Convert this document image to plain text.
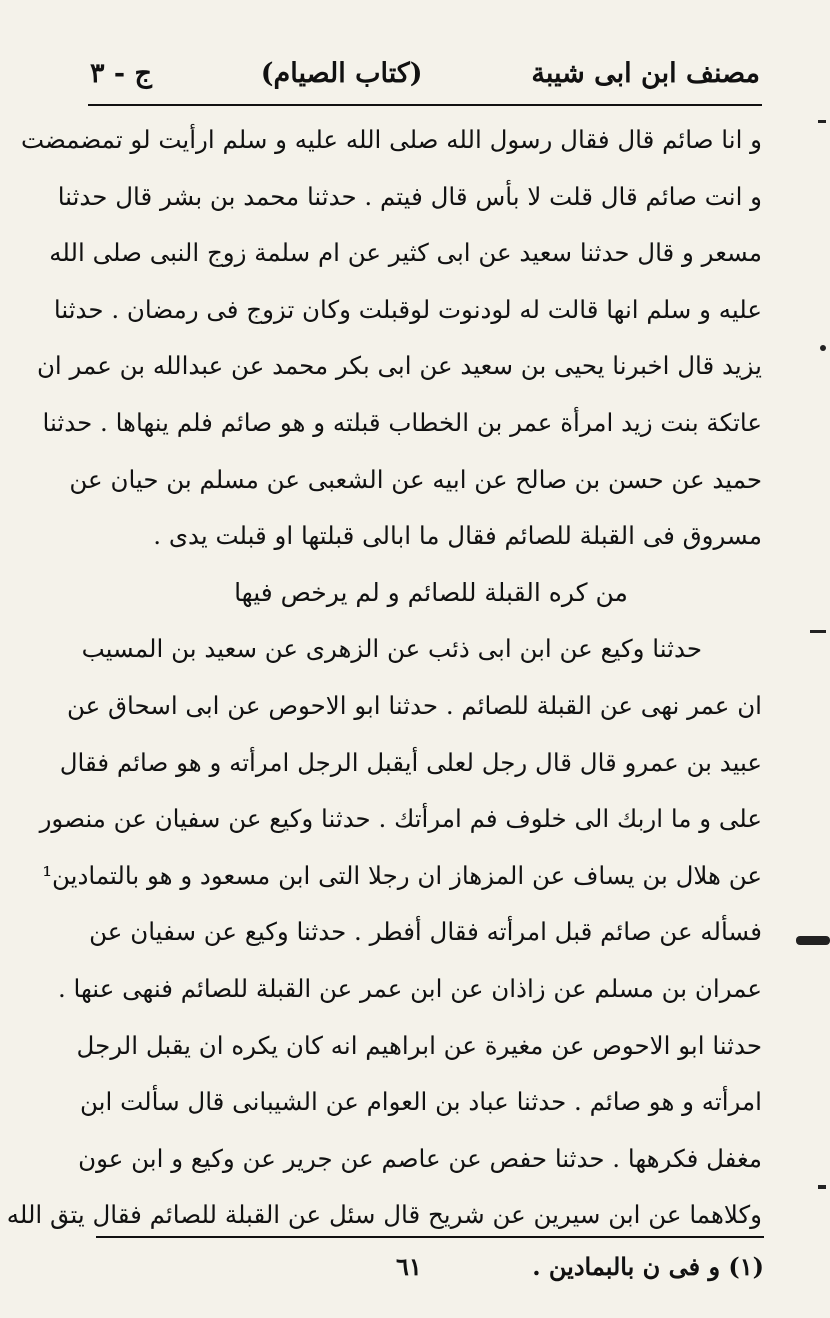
مصنف ابن ابى شيبة
(كتاب الصيام)
ج - ٣
و انا صائم قال فقال رسول الله صلى الله عليه و سلم ارأيت لو تمضمضت
و انت صائم قال قلت لا بأس قال فيتم . حدثنا محمد بن بشر قال حدثنا
مسعر و قال حدثنا سعيد عن ابى كثير عن ام سلمة زوج النبى صلى الله
عليه و سلم انها قالت له لودنوت لوقبلت وكان تزوج فى رمضان . حدثنا
يزيد قال اخبرنا يحيى بن سعيد عن ابى بكر محمد عن عبدالله بن عمر ان
عاتكة بنت زيد امرأة عمر بن الخطاب قبلته و هو صائم فلم ينهاها . حدثنا
حميد عن حسن بن صالح عن ابيه عن الشعبى عن مسلم بن حيان عن
مسروق فى القبلة للصائم فقال ما ابالى قبلتها او قبلت يدى .
من كره القبلة للصائم و لم يرخص فيها
حدثنا وكيع عن ابن ابى ذئب عن الزهرى عن سعيد بن المسيب
ان عمر نهى عن القبلة للصائم . حدثنا ابو الاحوص عن ابى اسحاق عن
عبيد بن عمرو قال قال رجل لعلى أيقبل الرجل امرأته و هو صائم فقال
على و ما اربك الى خلوف فم امرأتك . حدثنا وكيع عن سفيان عن منصور
عن هلال بن يساف عن المزهاز ان رجلا التى ابن مسعود و هو بالتمادين¹
فسأله عن صائم قبل امرأته فقال أفطر . حدثنا وكيع عن سفيان عن
عمران بن مسلم عن زاذان عن ابن عمر عن القبلة للصائم فنهى عنها .
حدثنا ابو الاحوص عن مغيرة عن ابراهيم انه كان يكره ان يقبل الرجل
امرأته و هو صائم . حدثنا عباد بن العوام عن الشيبانى قال سألت ابن
مغفل فكرهها . حدثنا حفص عن عاصم عن جرير عن وكيع و ابن عون
وكلاهما عن ابن سيرين عن شريح قال سئل عن القبلة للصائم فقال يتق الله
(١) و فى ن بالبمادين .
٦١
